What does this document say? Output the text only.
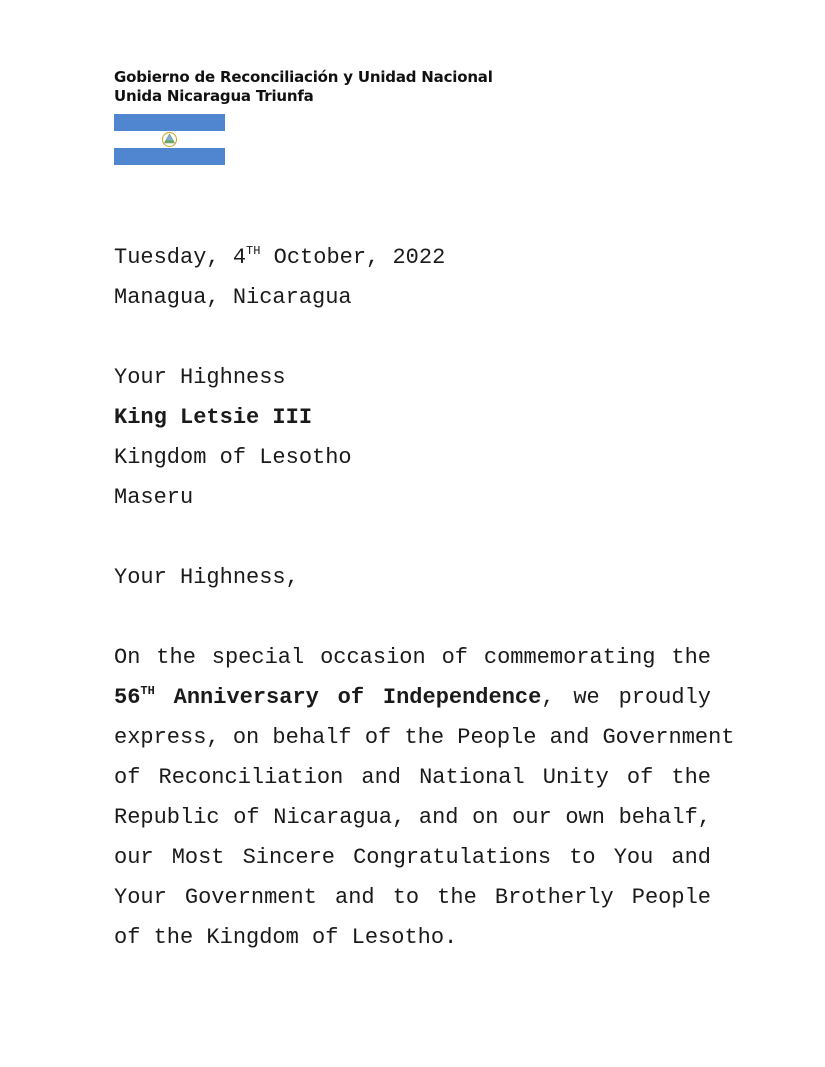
Gobierno de Reconciliación y Unidad Nacional
Unida Nicaragua Triunfa
Tuesday, 4TH October, 2022
Managua, Nicaragua
Your Highness
King Letsie III
Kingdom of Lesotho
Maseru
Your Highness,
On the special occasion of commemorating the
56TH Anniversary of Independence, we proudly
express, on behalf of the People and Government
of Reconciliation and National Unity of the
Republic of Nicaragua, and on our own behalf,
our Most Sincere Congratulations to You and
Your Government and to the Brotherly People
of the Kingdom of Lesotho.
